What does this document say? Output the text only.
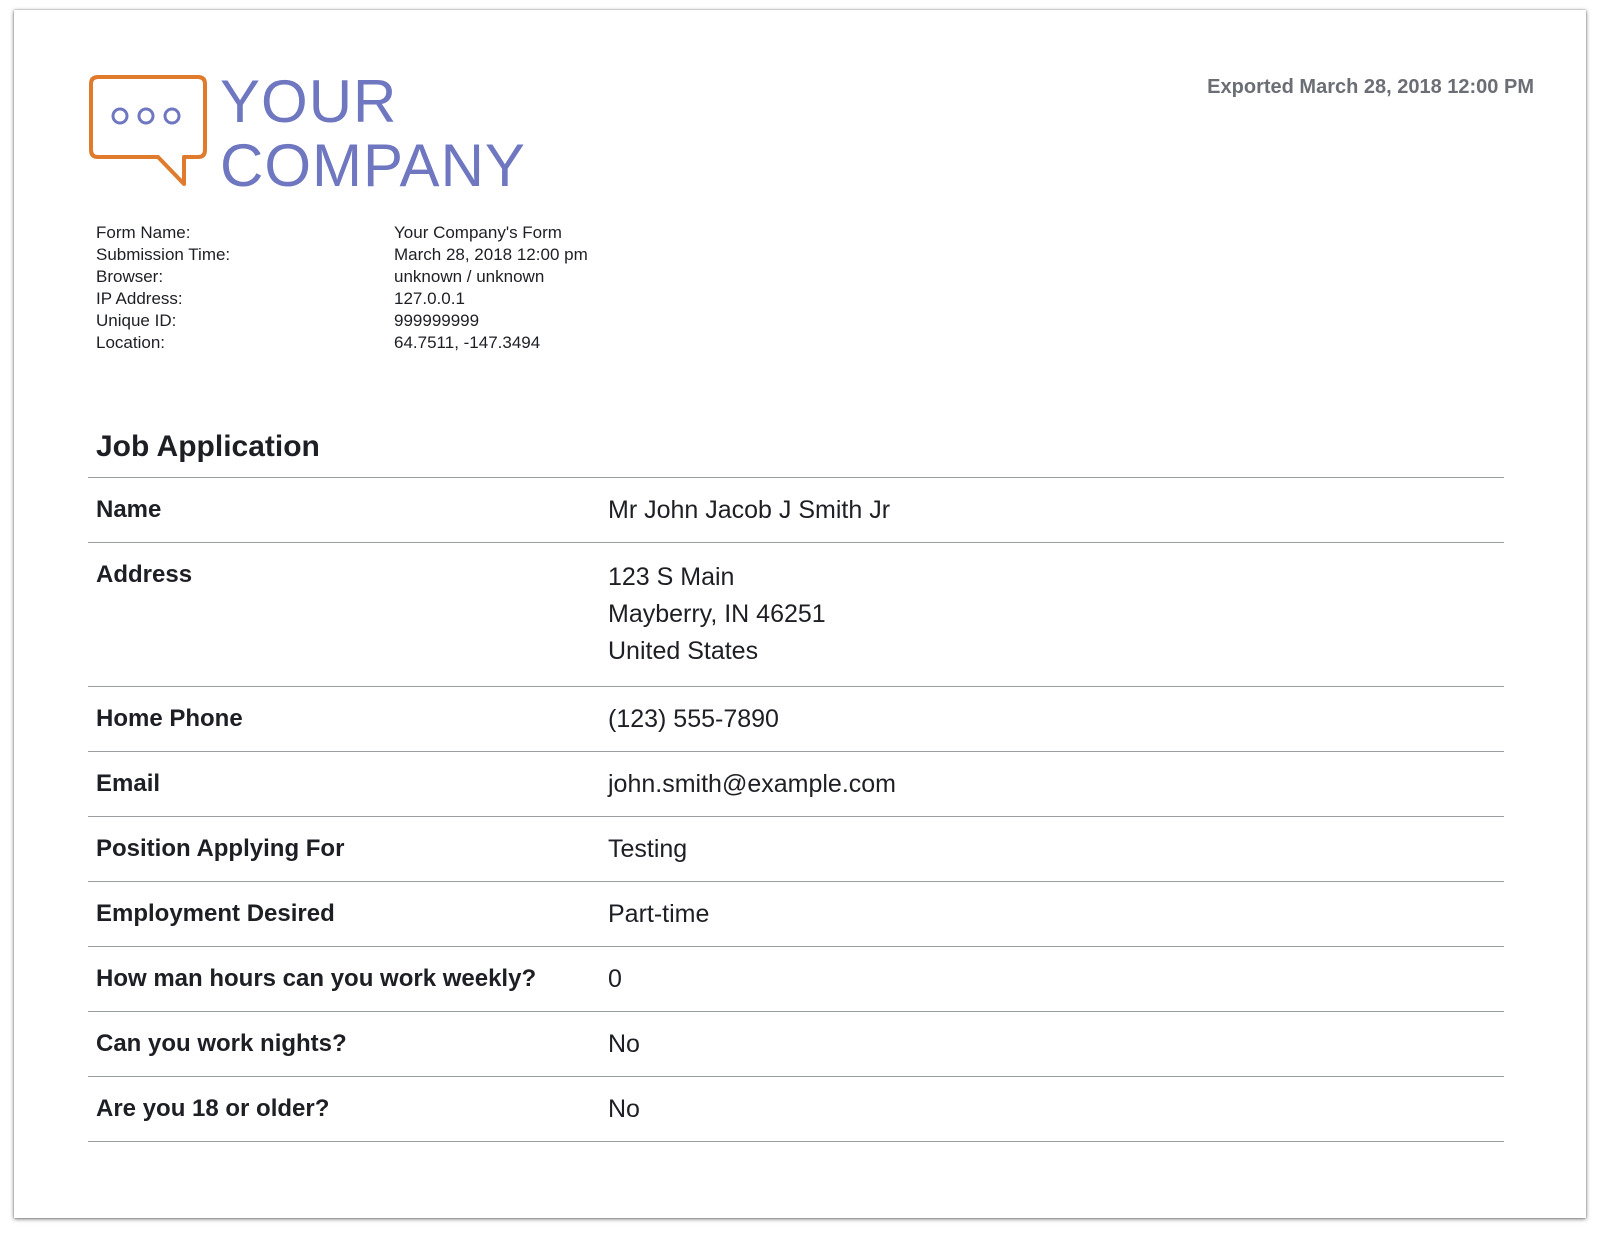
YOUR
COMPANY
Exported March 28, 2018 12:00 PM
Form Name:	Your Company's Form
Submission Time:	March 28, 2018 12:00 pm
Browser:	unknown / unknown
IP Address:	127.0.0.1
Unique ID:	999999999
Location:	64.7511, -147.3494
Job Application
Name	Mr John Jacob J Smith Jr
Address	123 S Main
Mayberry, IN 46251
United States
Home Phone	(123) 555-7890
Email	john.smith@example.com
Position Applying For	Testing
Employment Desired	Part-time
How man hours can you work weekly?	0
Can you work nights?	No
Are you 18 or older?	No
